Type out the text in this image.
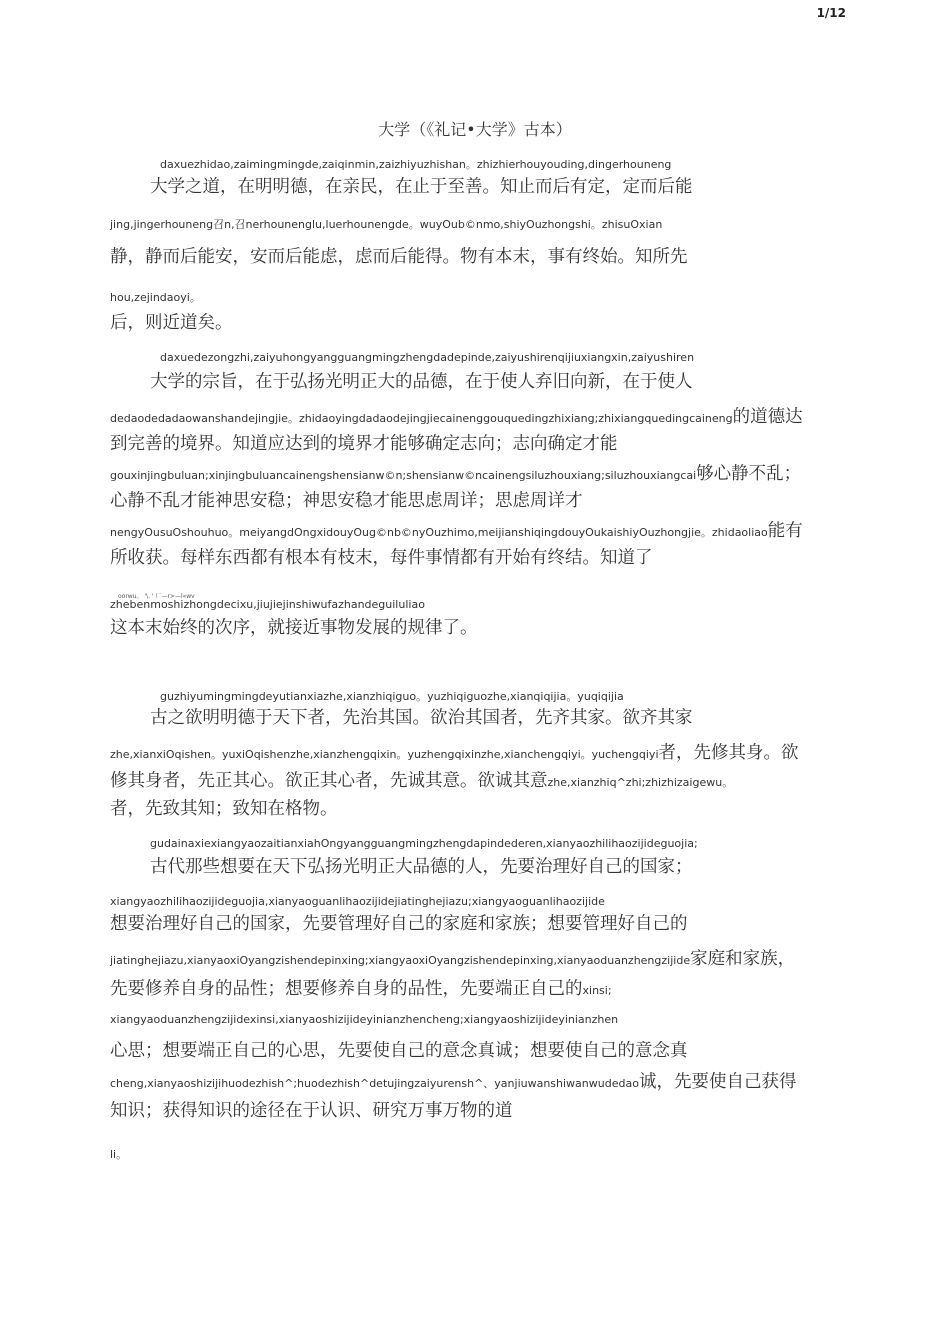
1/12
大学（《礼记•大学》古本）
daxuezhidao,zaimingmingde,zaiqinmin,zaizhiyuzhishan。zhizhierhouyouding,dingerhouneng
大学之道，在明明德，在亲民，在止于至善。知止而后有定，定而后能
jing,jingerhouneng召n,召nerhounenglu,luerhounengde。wuyOub©nmo,shiyOuzhongshi。zhisuOxian
静，静而后能安，安而后能虑，虑而后能得。物有本末，事有终始。知所先
hou,zejindaoyi。
后，则近道矣。
daxuedezongzhi,zaiyuhongyangguangmingzhengdadepinde,zaiyushirenqijiuxiangxin,zaiyushiren
大学的宗旨，在于弘扬光明正大的品德，在于使人弃旧向新，在于使人
dedaodedadaowanshandejingjie。zhidaoyingdadaodejingjiecainenggouquedingzhixiang;zhixiangquedingcaineng的道德达
到完善的境界。知道应达到的境界才能够确定志向；志向确定才能
gouxinjingbuluan;xinjingbuluancainengshensianw©n;shensianw©ncainengsiluzhouxiang;siluzhouxiangcai够心静不乱；
心静不乱才能神思安稳；神思安稳才能思虑周详；思虑周详才
nengyOusuOshouhuo。meiyangdOngxidouyOug©nb©nyOuzhimo,meijianshiqingdouyOukaishiyOuzhongjie。zhidaoliao能有
所收获。每样东西都有根本有枝末，每件事情都有开始有终结。知道了
oorwu。 '\. ' 厂—r>—l«wv
zhebenmoshizhongdecixu,jiujiejinshiwufazhandeguiluliao
这本末始终的次序，就接近事物发展的规律了。
guzhiyumingmingdeyutianxiazhe,xianzhiqiguo。yuzhiqiguozhe,xianqiqijia。yuqiqijia
古之欲明明德于天下者，先治其国。欲治其国者，先齐其家。欲齐其家
zhe,xianxiOqishen。yuxiOqishenzhe,xianzhengqixin。yuzhengqixinzhe,xianchengqiyi。yuchengqiyi者，先修其身。欲
修其身者，先正其心。欲正其心者，先诚其意。欲诚其意zhe,xianzhiq^zhi;zhizhizaigewu。
者，先致其知；致知在格物。
gudainaxiexiangyaozaitianxiahOngyangguangmingzhengdapindederen,xianyaozhilihaozijideguojia;
古代那些想要在天下弘扬光明正大品德的人，先要治理好自己的国家；
xiangyaozhilihaozijideguojia,xianyaoguanlihaozijidejiatinghejiazu;xiangyaoguanlihaozijide
想要治理好自己的国家，先要管理好自己的家庭和家族；想要管理好自己的
jiatinghejiazu,xianyaoxiOyangzishendepinxing;xiangyaoxiOyangzishendepinxing,xianyaoduanzhengzijide家庭和家族，
先要修养自身的品性；想要修养自身的品性，先要端正自己的xinsi;
xiangyaoduanzhengzijidexinsi,xianyaoshizijideyinianzhencheng;xiangyaoshizijideyinianzhen
心思；想要端正自己的心思，先要使自己的意念真诚；想要使自己的意念真
cheng,xianyaoshizijihuodezhish^;huodezhish^detujingzaiyurensh^、yanjiuwanshiwanwudedao诚，先要使自己获得
知识；获得知识的途径在于认识、研究万事万物的道
li。
